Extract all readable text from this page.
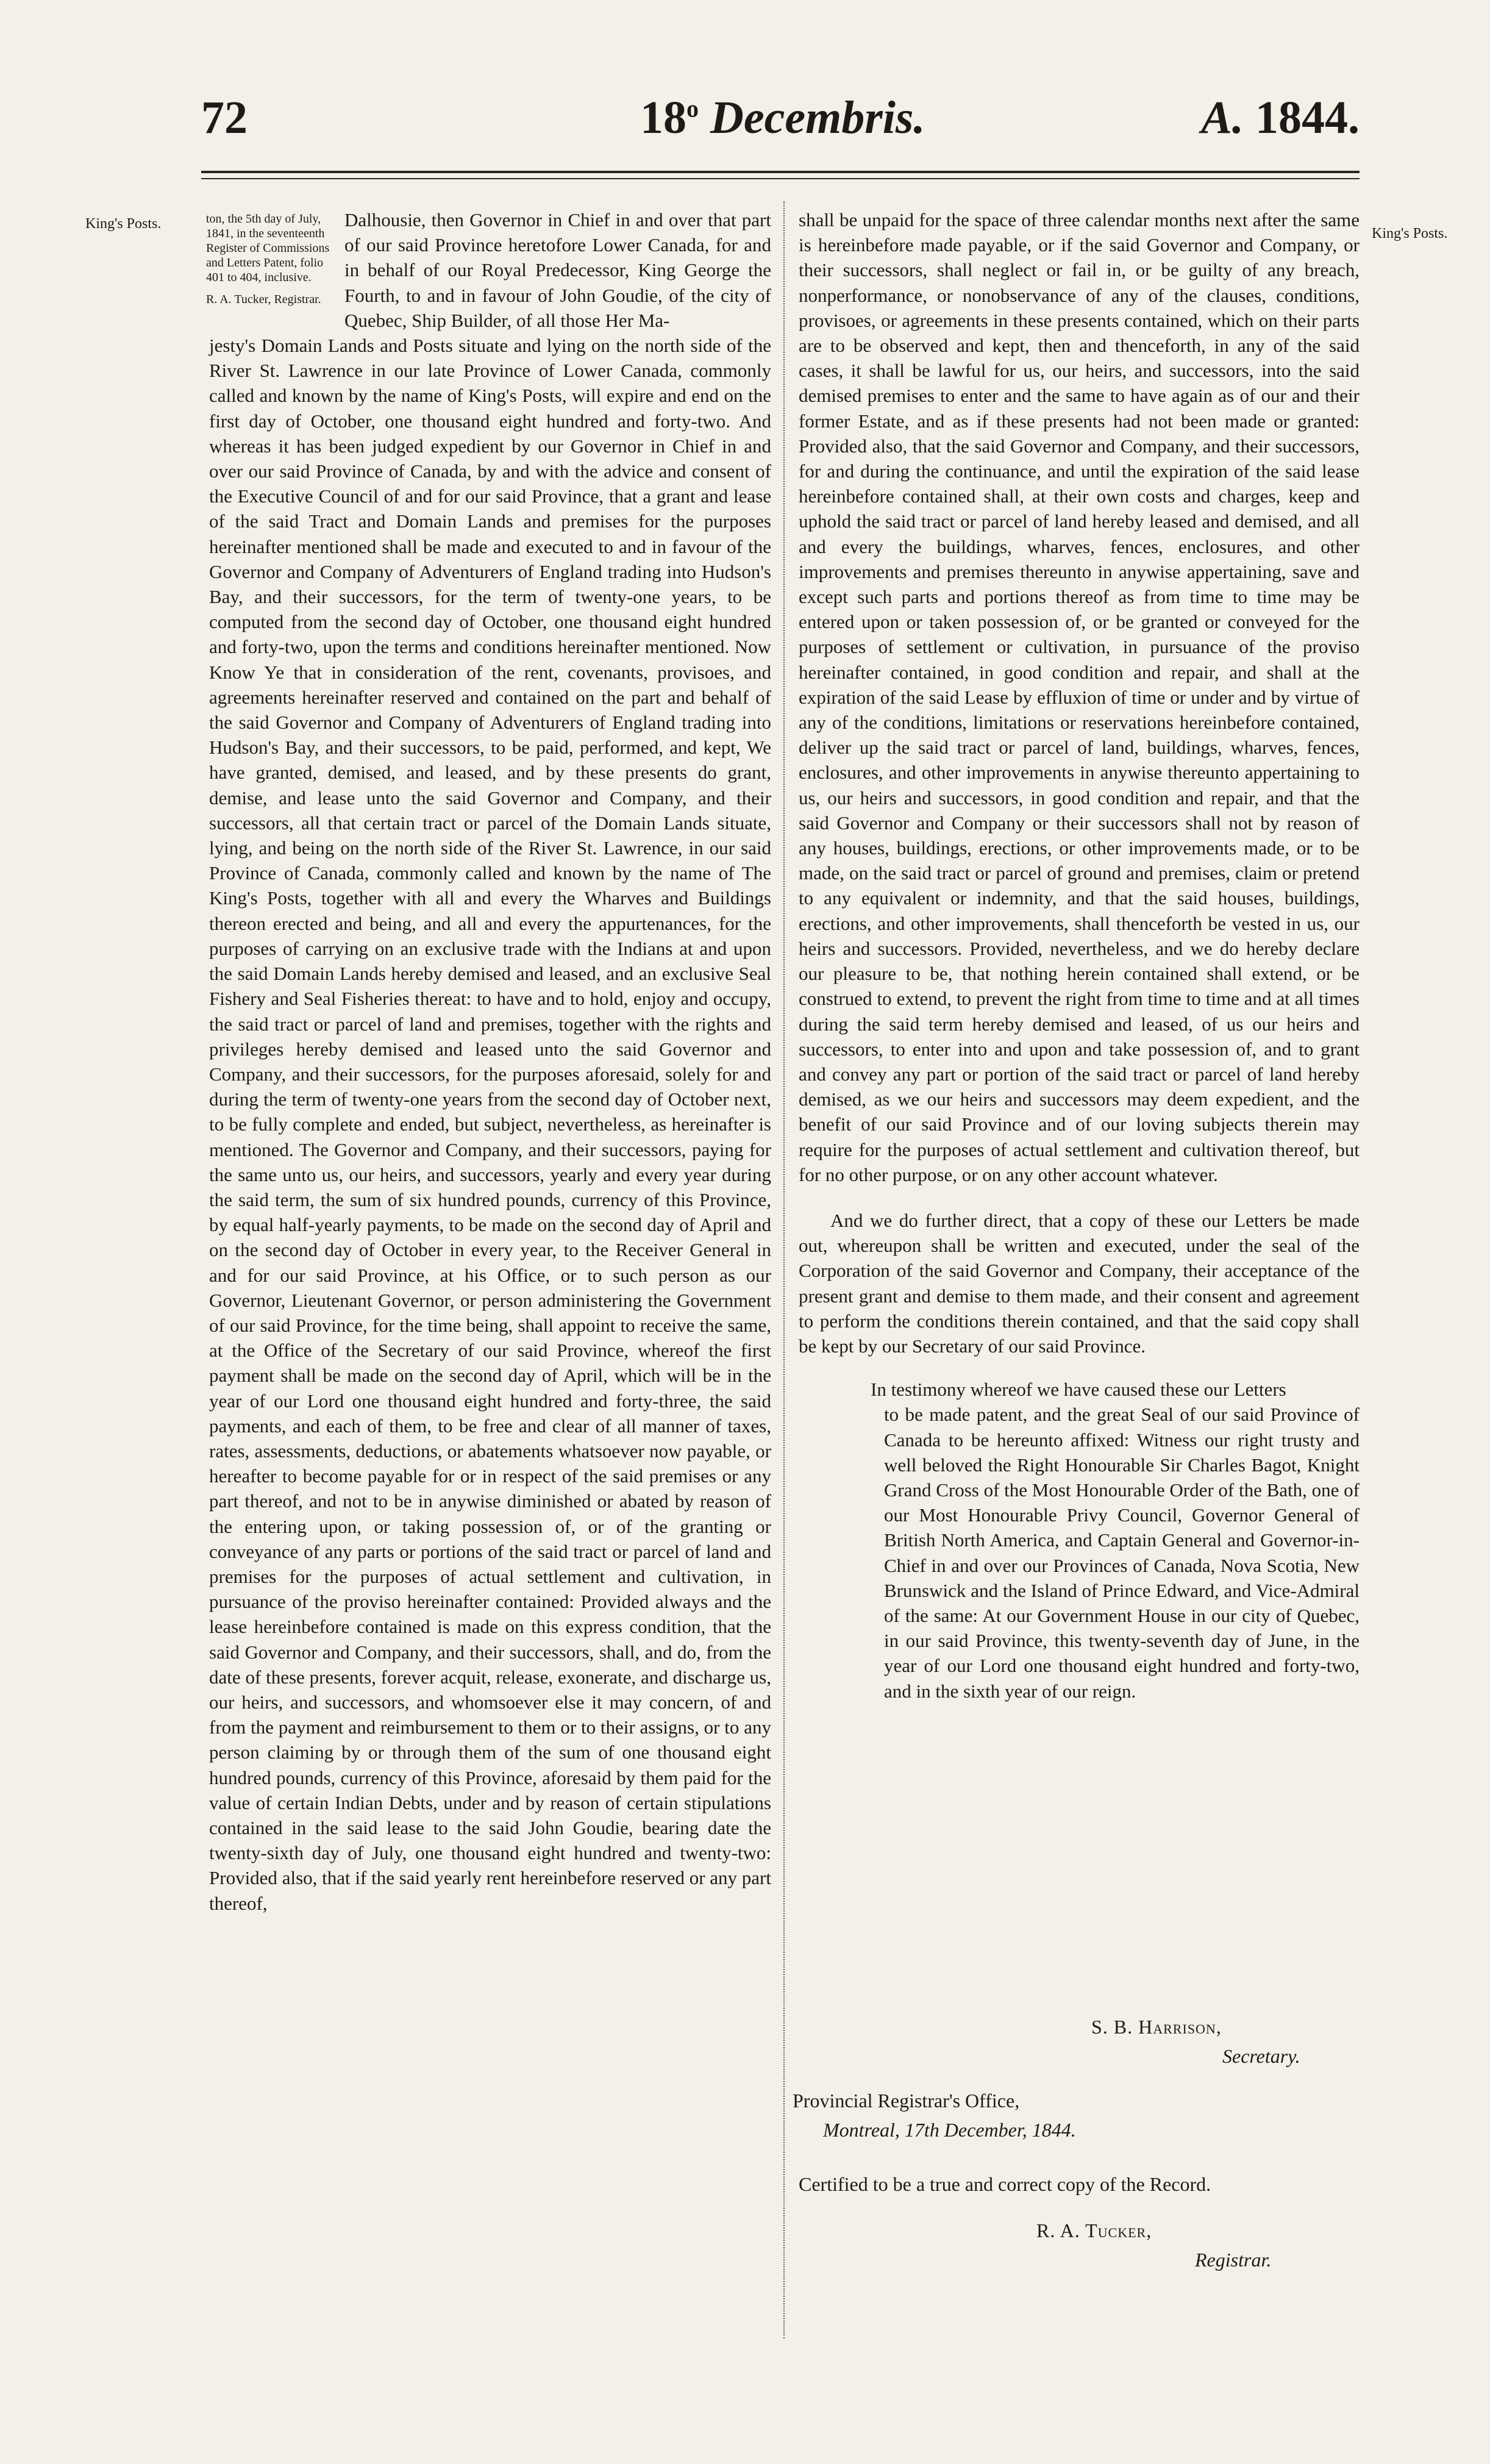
72	18$^o$ Decembris.	A. 1844.
King's Posts.
King's Posts.
ton, the 5th day of July, 1841, in the seventeenth Register of Commissions and Letters Patent, folio 401 to 404, inclusive.
R. A. Tucker, Registrar.

Dalhousie, then Governor in Chief in and over that part of our said Province heretofore Lower Canada, for and in behalf of our Royal Predecessor, King George the Fourth, to and in favour of John Goudie, of the city of Quebec, Ship Builder, of all those Her Ma-

jesty's Domain Lands and Posts situate and lying on the north side of the River St. Lawrence in our late Province of Lower Canada, commonly called and known by the name of King's Posts, will expire and end on the first day of October, one thousand eight hundred and forty-two. And whereas it has been judged expedient by our Governor in Chief in and over our said Province of Canada, by and with the advice and consent of the Executive Council of and for our said Province, that a grant and lease of the said Tract and Domain Lands and premises for the purposes hereinafter mentioned shall be made and executed to and in favour of the Governor and Company of Adventurers of England trading into Hudson's Bay, and their successors, for the term of twenty-one years, to be computed from the second day of October, one thousand eight hundred and forty-two, upon the terms and conditions hereinafter mentioned. Now Know Ye that in consideration of the rent, covenants, provisoes, and agreements hereinafter reserved and contained on the part and behalf of the said Governor and Company of Adventurers of England trading into Hudson's Bay, and their successors, to be paid, performed, and kept, We have granted, demised, and leased, and by these presents do grant, demise, and lease unto the said Governor and Company, and their successors, all that certain tract or parcel of the Domain Lands situate, lying, and being on the north side of the River St. Lawrence, in our said Province of Canada, commonly called and known by the name of The King's Posts, together with all and every the Wharves and Buildings thereon erected and being, and all and every the appurtenances, for the purposes of carrying on an exclusive trade with the Indians at and upon the said Domain Lands hereby demised and leased, and an exclusive Seal Fishery and Seal Fisheries thereat: to have and to hold, enjoy and occupy, the said tract or parcel of land and premises, together with the rights and privileges hereby demised and leased unto the said Governor and Company, and their successors, for the purposes aforesaid, solely for and during the term of twenty-one years from the second day of October next, to be fully complete and ended, but subject, nevertheless, as hereinafter is mentioned. The Governor and Company, and their successors, paying for the same unto us, our heirs, and successors, yearly and every year during the said term, the sum of six hundred pounds, currency of this Province, by equal half-yearly payments, to be made on the second day of April and on the second day of October in every year, to the Receiver General in and for our said Province, at his Office, or to such person as our Governor, Lieutenant Governor, or person administering the Government of our said Province, for the time being, shall appoint to receive the same, at the Office of the Secretary of our said Province, whereof the first payment shall be made on the second day of April, which will be in the year of our Lord one thousand eight hundred and forty-three, the said payments, and each of them, to be free and clear of all manner of taxes, rates, assessments, deductions, or abatements whatsoever now payable, or hereafter to become payable for or in respect of the said premises or any part thereof, and not to be in anywise diminished or abated by reason of the entering upon, or taking possession of, or of the granting or conveyance of any parts or portions of the said tract or parcel of land and premises for the purposes of actual settlement and cultivation, in pursuance of the proviso hereinafter contained: Provided always and the lease hereinbefore contained is made on this express condition, that the said Governor and Company, and their successors, shall, and do, from the date of these presents, forever acquit, release, exonerate, and discharge us, our heirs, and successors, and whomsoever else it may concern, of and from the payment and reimbursement to them or to their assigns, or to any person claiming by or through them of the sum of one thousand eight hundred pounds, currency of this Province, aforesaid by them paid for the value of certain Indian Debts, under and by reason of certain stipulations contained in the said lease to the said John Goudie, bearing date the twenty-sixth day of July, one thousand eight hundred and twenty-two: Provided also, that if the said yearly rent hereinbefore reserved or any part thereof,

shall be unpaid for the space of three calendar months next after the same is hereinbefore made payable, or if the said Governor and Company, or their successors, shall neglect or fail in, or be guilty of any breach, nonperformance, or nonobservance of any of the clauses, conditions, provisoes, or agreements in these presents contained, which on their parts are to be observed and kept, then and thenceforth, in any of the said cases, it shall be lawful for us, our heirs, and successors, into the said demised premises to enter and the same to have again as of our and their former Estate, and as if these presents had not been made or granted: Provided also, that the said Governor and Company, and their successors, for and during the continuance, and until the expiration of the said lease hereinbefore contained shall, at their own costs and charges, keep and uphold the said tract or parcel of land hereby leased and demised, and all and every the buildings, wharves, fences, enclosures, and other improvements and premises thereunto in anywise appertaining, save and except such parts and portions thereof as from time to time may be entered upon or taken possession of, or be granted or conveyed for the purposes of settlement or cultivation, in pursuance of the proviso hereinafter contained, in good condition and repair, and shall at the expiration of the said Lease by effluxion of time or under and by virtue of any of the conditions, limitations or reservations hereinbefore contained, deliver up the said tract or parcel of land, buildings, wharves, fences, enclosures, and other improvements in anywise thereunto appertaining to us, our heirs and successors, in good condition and repair, and that the said Governor and Company or their successors shall not by reason of any houses, buildings, erections, or other improvements made, or to be made, on the said tract or parcel of ground and premises, claim or pretend to any equivalent or indemnity, and that the said houses, buildings, erections, and other improvements, shall thenceforth be vested in us, our heirs and successors. Provided, nevertheless, and we do hereby declare our pleasure to be, that nothing herein contained shall extend, or be construed to extend, to prevent the right from time to time and at all times during the said term hereby demised and leased, of us our heirs and successors, to enter into and upon and take possession of, and to grant and convey any part or portion of the said tract or parcel of land hereby demised, as we our heirs and successors may deem expedient, and the benefit of our said Province and of our loving subjects therein may require for the purposes of actual settlement and cultivation thereof, but for no other purpose, or on any other account whatever.

And we do further direct, that a copy of these our Letters be made out, whereupon shall be written and executed, under the seal of the Corporation of the said Governor and Company, their acceptance of the present grant and demise to them made, and their consent and agreement to perform the conditions therein contained, and that the said copy shall be kept by our Secretary of our said Province.

In testimony whereof we have caused these our Letters

to be made patent, and the great Seal of our said Province of Canada to be hereunto affixed: Witness our right trusty and well beloved the Right Honourable Sir Charles Bagot, Knight Grand Cross of the Most Honourable Order of the Bath, one of our Most Honourable Privy Council, Governor General of British North America, and Captain General and Governor-in-Chief in and over our Provinces of Canada, Nova Scotia, New Brunswick and the Island of Prince Edward, and Vice-Admiral of the same: At our Government House in our city of Quebec, in our said Province, this twenty-seventh day of June, in the year of our Lord one thousand eight hundred and forty-two, and in the sixth year of our reign.

S. B. Harrison,
Secretary.
Provincial Registrar's Office,
Montreal, 17th December, 1844.
Certified to be a true and correct copy of the Record.
R. A. Tucker,
Registrar.
